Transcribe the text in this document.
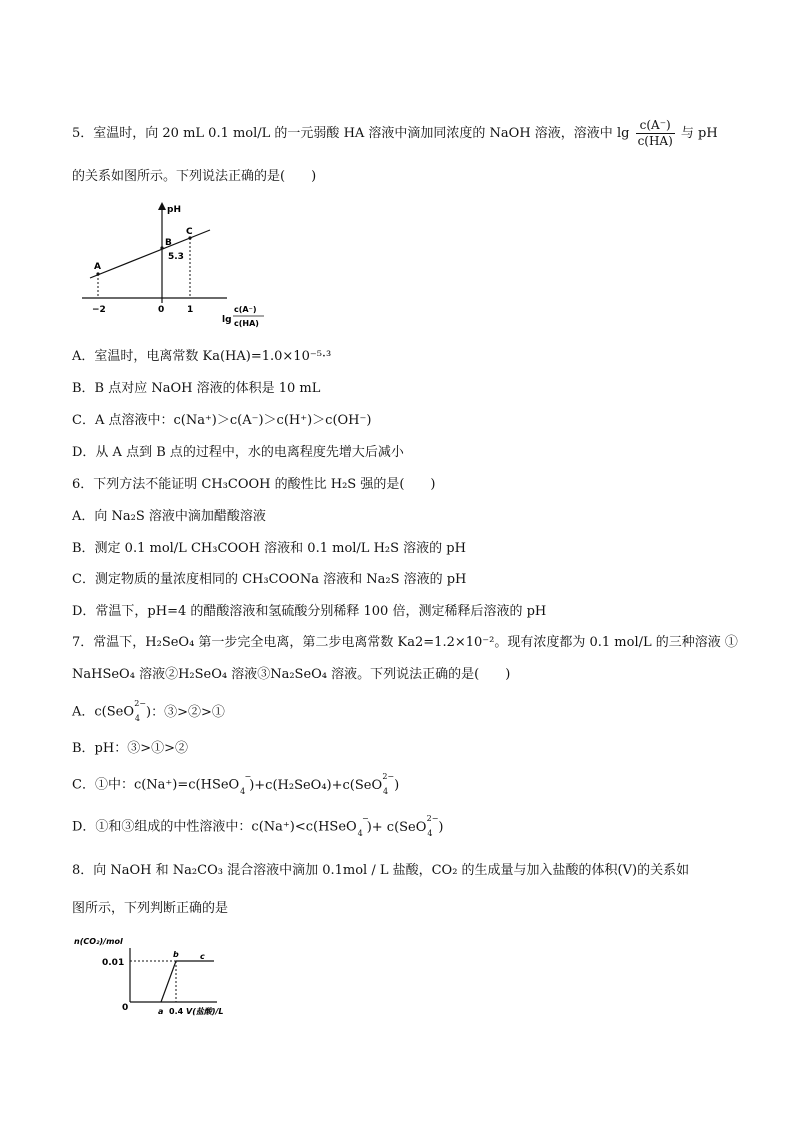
5．室温时，向 20 mL 0.1 mol/L 的一元弱酸 HA 溶液中滴加同浓度的 NaOH 溶液，溶液中 $\lg \frac{c(A^-)}{c(HA)}$ 与 pH
的关系如图所示。下列说法正确的是(　　)
pH
A
B
C
5.3
−2	0	1
lg
c(A⁻)
c(HA)
A．室温时，电离常数 Ka(HA)=1.0×10⁻⁵·³
B．B 点对应 NaOH 溶液的体积是 10 mL
C．A 点溶液中：c(Na⁺)＞c(A⁻)＞c(H⁺)＞c(OH⁻)
D．从 A 点到 B 点的过程中，水的电离程度先增大后减小
6．下列方法不能证明 CH₃COOH 的酸性比 H₂S 强的是(　　)
A．向 Na₂S 溶液中滴加醋酸溶液
B．测定 0.1 mol/L CH₃COOH 溶液和 0.1 mol/L H₂S 溶液的 pH
C．测定物质的量浓度相同的 CH₃COONa 溶液和 Na₂S 溶液的 pH
D．常温下，pH=4 的醋酸溶液和氢硫酸分别稀释 100 倍，测定稀释后溶液的 pH
7．常温下，H₂SeO₄ 第一步完全电离，第二步电离常数 Ka2=1.2×10⁻²。现有浓度都为 0.1 mol/L 的三种溶液 ①
NaHSeO₄ 溶液②H₂SeO₄ 溶液③Na₂SeO₄ 溶液。下列说法正确的是(　　)
A．c(SeO
2−
4 )：③>②>①
B．pH：③>①>②
C．①中：c(Na⁺)=c(HSeO
−
4 )+c(H₂SeO₄)+c(SeO
2−
4 )
D．①和③组成的中性溶液中：c(Na⁺)<c(HSeO
−
4 )+ c(SeO
2−
4 )
8．向 NaOH 和 Na₂CO₃ 混合溶液中滴加 0.1mol / L 盐酸，CO₂ 的生成量与加入盐酸的体积(V)的关系如
图所示，下列判断正确的是
n(CO₂)/mol
0.01
0	a
b	c
0.4 V(盐酸)/L
